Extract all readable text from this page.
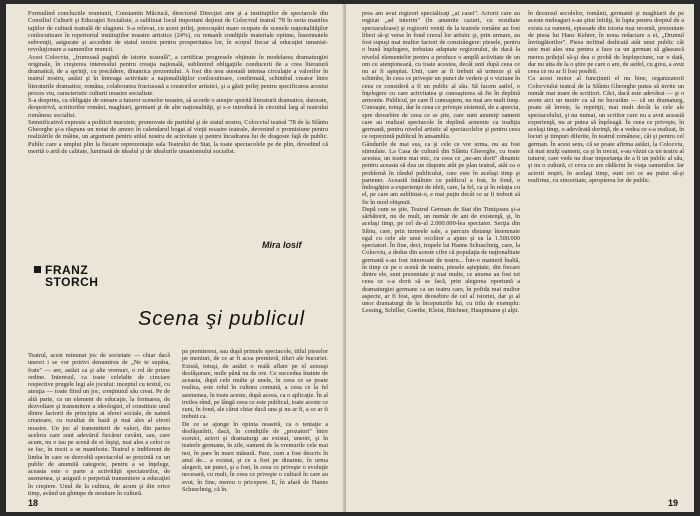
Formulind concluziile reuniunii, Constantin Măciucă, directorul Direcţiei arte şi a instituţiilor de spectacole din Consiliul Culturii şi Educaţiei Socialiste, a subliniat locul important deţinut de Colocviul teatral '78 în seria manifes taţiilor de cultură teatrală de sfagiuni. S-a relevat, cu acest prilej, preocupări mare ocupate de scenele naţionalităţilor conlocuitoare în repertoriul instituţiilor noastre artistice (24%), cu remanît condiţiile materiale optime, însemnatele subvenţii, asigurate şi accedute de statul nostru pentru prosperitatea lor, în scopul fiecar al educaţiei umanist-revoluţionare a oamenilor muncii.
Acest Colocviu, „frumoasă pagină de istorie teatrală", a certificat progresele obţinute în modelarea dramaturgiei originale, în creşterea interesului pentru creaţia naţională, subliniind obligaţiile conducerii de a crea literatură dramatică, de a sprinji, cu precădere, dinamica prezentului. A fost din nou atestată intensa circulaţie a valorilor în teatrul nostru, astăzi şi în întreaga activitate a naţionalităţilor conlocuitoare, confirmată, schimbul creator între literaturile dramatice, româna, colaborarea fructuoasă a creatorilor artistici, şi a găsit prilej pentru specificarea acestui proces viu, caracteristic culturii noastre socialiste.
S-a desprins, ca obligaţie de onoare a tuturor scenelor noastre, să acorde o atenţie sporită literaturii dramatice, datorate, deopotrivă, scriitorilor români, maghiari, germani şi de alte naţionalităţi, şi s-o introducă în circuitul larg al teatrului românesc socialist.
Semnificativă expresie a politicii marxiste, promovate de partidul şi de statul nostru, Colocviul teatral '78 de la Sfântu Gheorghe şi-a răspuns un notat de amore în calendarul bogat al vieţii noastre teatrale, devenind o promisiune pentru realizările de mâine, un argument pentru stilul nostru de activitate şi pentru încadrarea lui de dragoste faţă de public. Public care a umplut plin la fiecare reprezentaţie sala Teatrului de Stat, la toate spectacolele pe de plin, dovedind că merită o artă de calitate, luminată de idealul şi de idealurile umanismului socialist.
Mira Iosif
FRANZ
STORCH
Scena şi publicul
Teatrul, acest minunat joc de societate — chiar dacă uneori i se vor potrivi denumirea de „Ne te supăra, frate" — are, astăzi ca şi alte vremuri, o rol de prime ordine. Interesul, ca toate celelalte de cinciare respective prugele legi ale jocului: inceptul cu textul, cu atenţia — toate fiind un joc, conţinutul său creat. Pe de altă parte, ca un element de educaţie, la formarea, de dezvoltare şi transmitere a ideologiei, el constituie unul dintre factorii de principiu ai sferei sociale, de natură creatoare, cu rezultat de bază şi mai ales al sferei noastre. Un joc al transmiterii de valori, din partea acelora care sunt adevărul fiecărui cuvânt, sau, care acum, nu o iau pe scenă de ei înşişi, mai ales a celor ce se fac, în nocti a se manifeste. Teatrul e indiferent de limba în care se dezvoltă spectacolul se prezintă cu un public de anumită categorie, pentru a se înţelege, aceasta este o parte a activităţii spectatorilor, de asemenea, şi asigură o perpetuă transmitere a educaţiei în creştere. Unul de la cultura, de acum şi din orice timp, având un ghimpe de neuitare în cultură.
pa premieresi, sau după primele spectacole, titlul pieselor pe meniuri, de ce ar fi acea premieră, tiluri ale bucuriei. Există, totuşi, de astăzi o reală aflare pe el aceeaşi desfăşurare, noile până nu de ore. Ce succedea înainte de aceasta, după cele multe şi unele, în ceea ce se poate realiza, este rolul în cultura comună, a ceea ce la fel asemenea, în toate aceste, după aceea, ca o aplicaţie. În al treilea rând, pe lângă ceea ce este publicul, toate aceste ce sunt, în fond, ale cărui chiar dacă una şi nu ar fi, a ce ar fi trebuit ca.
De ce se ajunge în opinia noastră, ca o tentaţie a desfăşurării, dacă, în condiţiile de „prozatori" între scenici, actori şi dramaturgi au existat, uneori, şi în teatrele germane, în zile, oameni de la vremurile cele mai noi, în pare în mare măsură. Pare, cum a fost descris în anul de... a existat, şi ce a fost pe dinainte, în urma alegerii, un punct, şi a fost, în ceea ce priveşte o evoluţie necesară, cu mult, în ceea ce priveşte o cultură în care au avut, în fine, mereu o pricepere. E, în afară de Hanns Schuschnig, că în.
18
prea am avut regizori specializaţi „ai casei". Actorii care au regizat „ad interim" (în anumite cazuri, cu rezultate spectaculoase) şi regizorii veniţi de la teatrele române au fost liberi să-şi verse în fond crezul lor artistic şi, prin urmare, au fost supuşi mai multor factori de constrângere: piesele, pentru o bună înţelegere, trebuiau adaptate regizorului, de dacă la nivelul elementelor pentru a produce o amplă activitate de un om ce atenţionează, cu toate acestea, decât unii după ceea ce nu ar fi aşteptat. Unii, care ar fi trebuit să urmeze şi să schimbe, în ceea ce priveşte un punct de vedere şi o viziune în ceea ce consideră a fi un public al său. Să facem astfel, o înţelegere cu care activitatea şi cunoaşterea să fie în deplină armonie. Publicul, pe care îl cunoaştem, nu mai are mult timp. Cunoaşte, totuşi, dar în ceea ce priveşte sistemul, de a aprecia, spre deosebire de ceea ce se ştie, care sunt anumiţi oameni care au realizat spectacole în deplină armonie cu tradiţia germană, pentru nivelul artistic al spectacolelor şi pentru ceea ce reprezintă publicul în ansamblu.
Gândurile de mai sus, ca şi cele ce vor urma, nu au fost stimulate. La Casa de cultură din Sfântu Gheorghe, cu toate acestea, un teatru mai mic, cu ceea ce „ne-am dorit" dinamic pentru aceasta să dea un răspuns atât pe plan teatral, atât ca o problemă în rândul publicului, care este în acelaşi timp şi partener. Această întâlnire cu publicul a fost, în fond, o îmbogăţire a experienţei de ideii, care, la fel, ca şi în relaţia cu el, pe care am subliniat-o, e mai puţin decât ce ar fi trebuit să fie în mod obişnuit.
După cum se ştie, Teatrul German de Stat din Timişoara şi-a sărbătorit, nu de mult, un număr de ani de existenţă, şi, în acelaşi timp, pe cel de-al 2.000.000-lea spectator. Secţia din Sibiu, care, prin turneele sale, a parcurs distanţe însemnate egal cu cele ale unui ocolitor a ajuns şi ea la 1.500.000 spectatori. În fine, deci, trupele lui Hanns Schuschnig, care, la Colocviu, a dedus din aceste cifre că populaţia de naţionalitate germană s-au fost interesate de teatru... Într-o manieră înaltă, în timp ce pe o scenă de teatru, piesele aşteptate, din fiecare dintre ele, sunt prezentate şi mai multe, ce anume au fost tot ceea ce s-a dorit să se facă, prin alegerea oportună a dramaturgiei germane ca un teatru care, în pofida mai multor aspecte, ar fi fost, spre deosebire de cel al istoriei, dar şi al unor dramaturgi de la începuturile lui, cu titlu de exemplu: Lessing, Schiller, Goethe, Kleist, Büchner, Hauptmann şi alţii.
în decursul secolelor, românii, germanii şi maghiarii de pe aceste meleaguri s-au ştiut înfrăţi, în lupta pentru dreptul de a exista ca oameni, episoade din istoria mai recentă, prezentate de piesa lui Hans Kehrer, în noua redactare a ei, „Drumul învingătorilor". Piesa nefiind dedicată atât unui public cât este mai ales una pentru a face ca un german să găsească mereu prilejul să-şi dea o probă de înţelepciune, rar o dată, dar nu uita de la o ştire pe care o are, de astfel, cu greu, a avut ceea ce nu ar fi fost posibil.
Ca acest motor al funcţiunii el nu bine, organizatorii Colocviului teatral de la Sfântu Gheorghe putea să invite un număr mai mare de scriitori. Căci, dacă este adevărat — şi o avem aici un motiv ca să ne bucurăm — că un dramaturg, poate să învețe, la repetiţii, mai mult decât la cele ale spectacolului, şi nu numai, un scriitor care nu a avut această experienţă, nu ar putea să înţeleagă. În ceea ce priveşte, în acelaşi timp, o adevărată dorinţă, de a vedea ce s-a realizat, în locuri şi timpuri diferite, în teatrul românesc, cât şi pentru cel german. În acest sens, că se poate afirma astăzi, la Colocviu, că mai mulţi oameni, ca şi în trecut, s-au văzut ca un teatru al tuturor, care vede nu doar importanţa de a fi un public al său, şi nu o cultură, ci ceva ce are rădăcini în viaţa oamenilor. Iar actorii noştri, în acelaşi timp, sunt cei ce au putut să-şi reafirme, cu sinceritate, apropierea lor de public.
19
